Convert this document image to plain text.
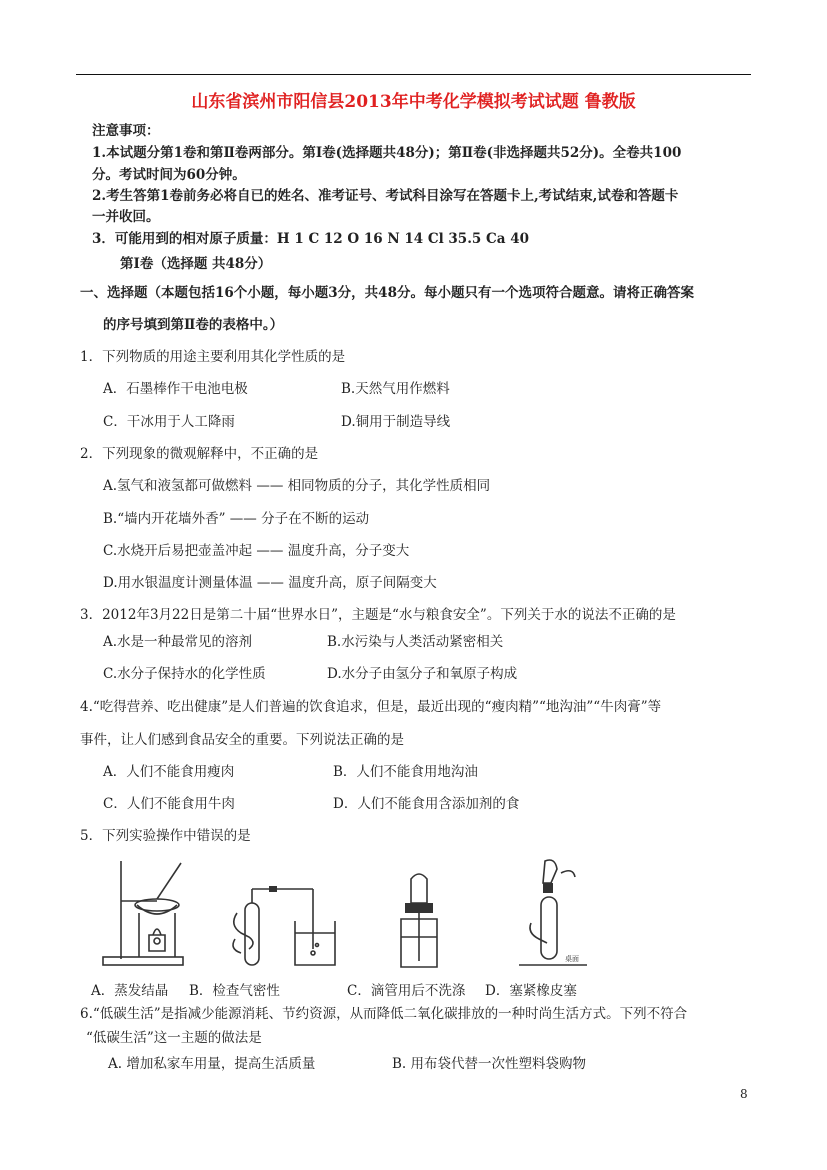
山东省滨州市阳信县2013年中考化学模拟考试试题 鲁教版
注意事项：
1.本试题分第1卷和第Ⅱ卷两部分。第Ⅰ卷(选择题共48分)；第Ⅱ卷(非选择题共52分)。全卷共100
分。考试时间为60分钟。
2.考生答第1卷前务必将自已的姓名、准考证号、考试科目涂写在答题卡上,考试结束,试卷和答题卡
一并收回。
3．可能用到的相对原子质量：H 1 C 12 O 16 N 14 Cl 35.5 Ca 40
第Ⅰ卷（选择题 共48分）
一、选择题（本题包括16个小题，每小题3分，共48分。每小题只有一个选项符合题意。请将正确答案
的序号填到第Ⅱ卷的表格中。）
1．下列物质的用途主要利用其化学性质的是
A．石墨棒作干电池电极	B.天然气用作燃料
C．干冰用于人工降雨	D.铜用于制造导线
2．下列现象的微观解释中，不正确的是
A.氢气和液氢都可做燃料 —— 相同物质的分子，其化学性质相同
B.“墙内开花墙外香” —— 分子在不断的运动
C.水烧开后易把壶盖冲起 —— 温度升高，分子变大
D.用水银温度计测量体温 —— 温度升高，原子间隔变大
3．2012年3月22日是第二十届“世界水日”，主题是“水与粮食安全”。下列关于水的说法不正确的是
A.水是一种最常见的溶剂	B.水污染与人类活动紧密相关
C.水分子保持水的化学性质	D.水分子由氢分子和氧原子构成
4.“吃得营养、吃出健康”是人们普遍的饮食追求，但是，最近出现的“瘦肉精”“地沟油”“牛肉膏”等
事件，让人们感到食品安全的重要。下列说法正确的是
A．人们不能食用瘦肉	B．人们不能食用地沟油
C．人们不能食用牛肉	D．人们不能食用含添加剂的食
5．下列实验操作中错误的是
桌面
A．蒸发结晶 B．检查气密性	C．滴管用后不洗涤 D．塞紧橡皮塞
6.“低碳生活”是指减少能源消耗、节约资源，从而降低二氧化碳排放的一种时尚生活方式。下列不符合
“低碳生活”这一主题的做法是
A. 增加私家车用量，提高生活质量	B. 用布袋代替一次性塑料袋购物
8
